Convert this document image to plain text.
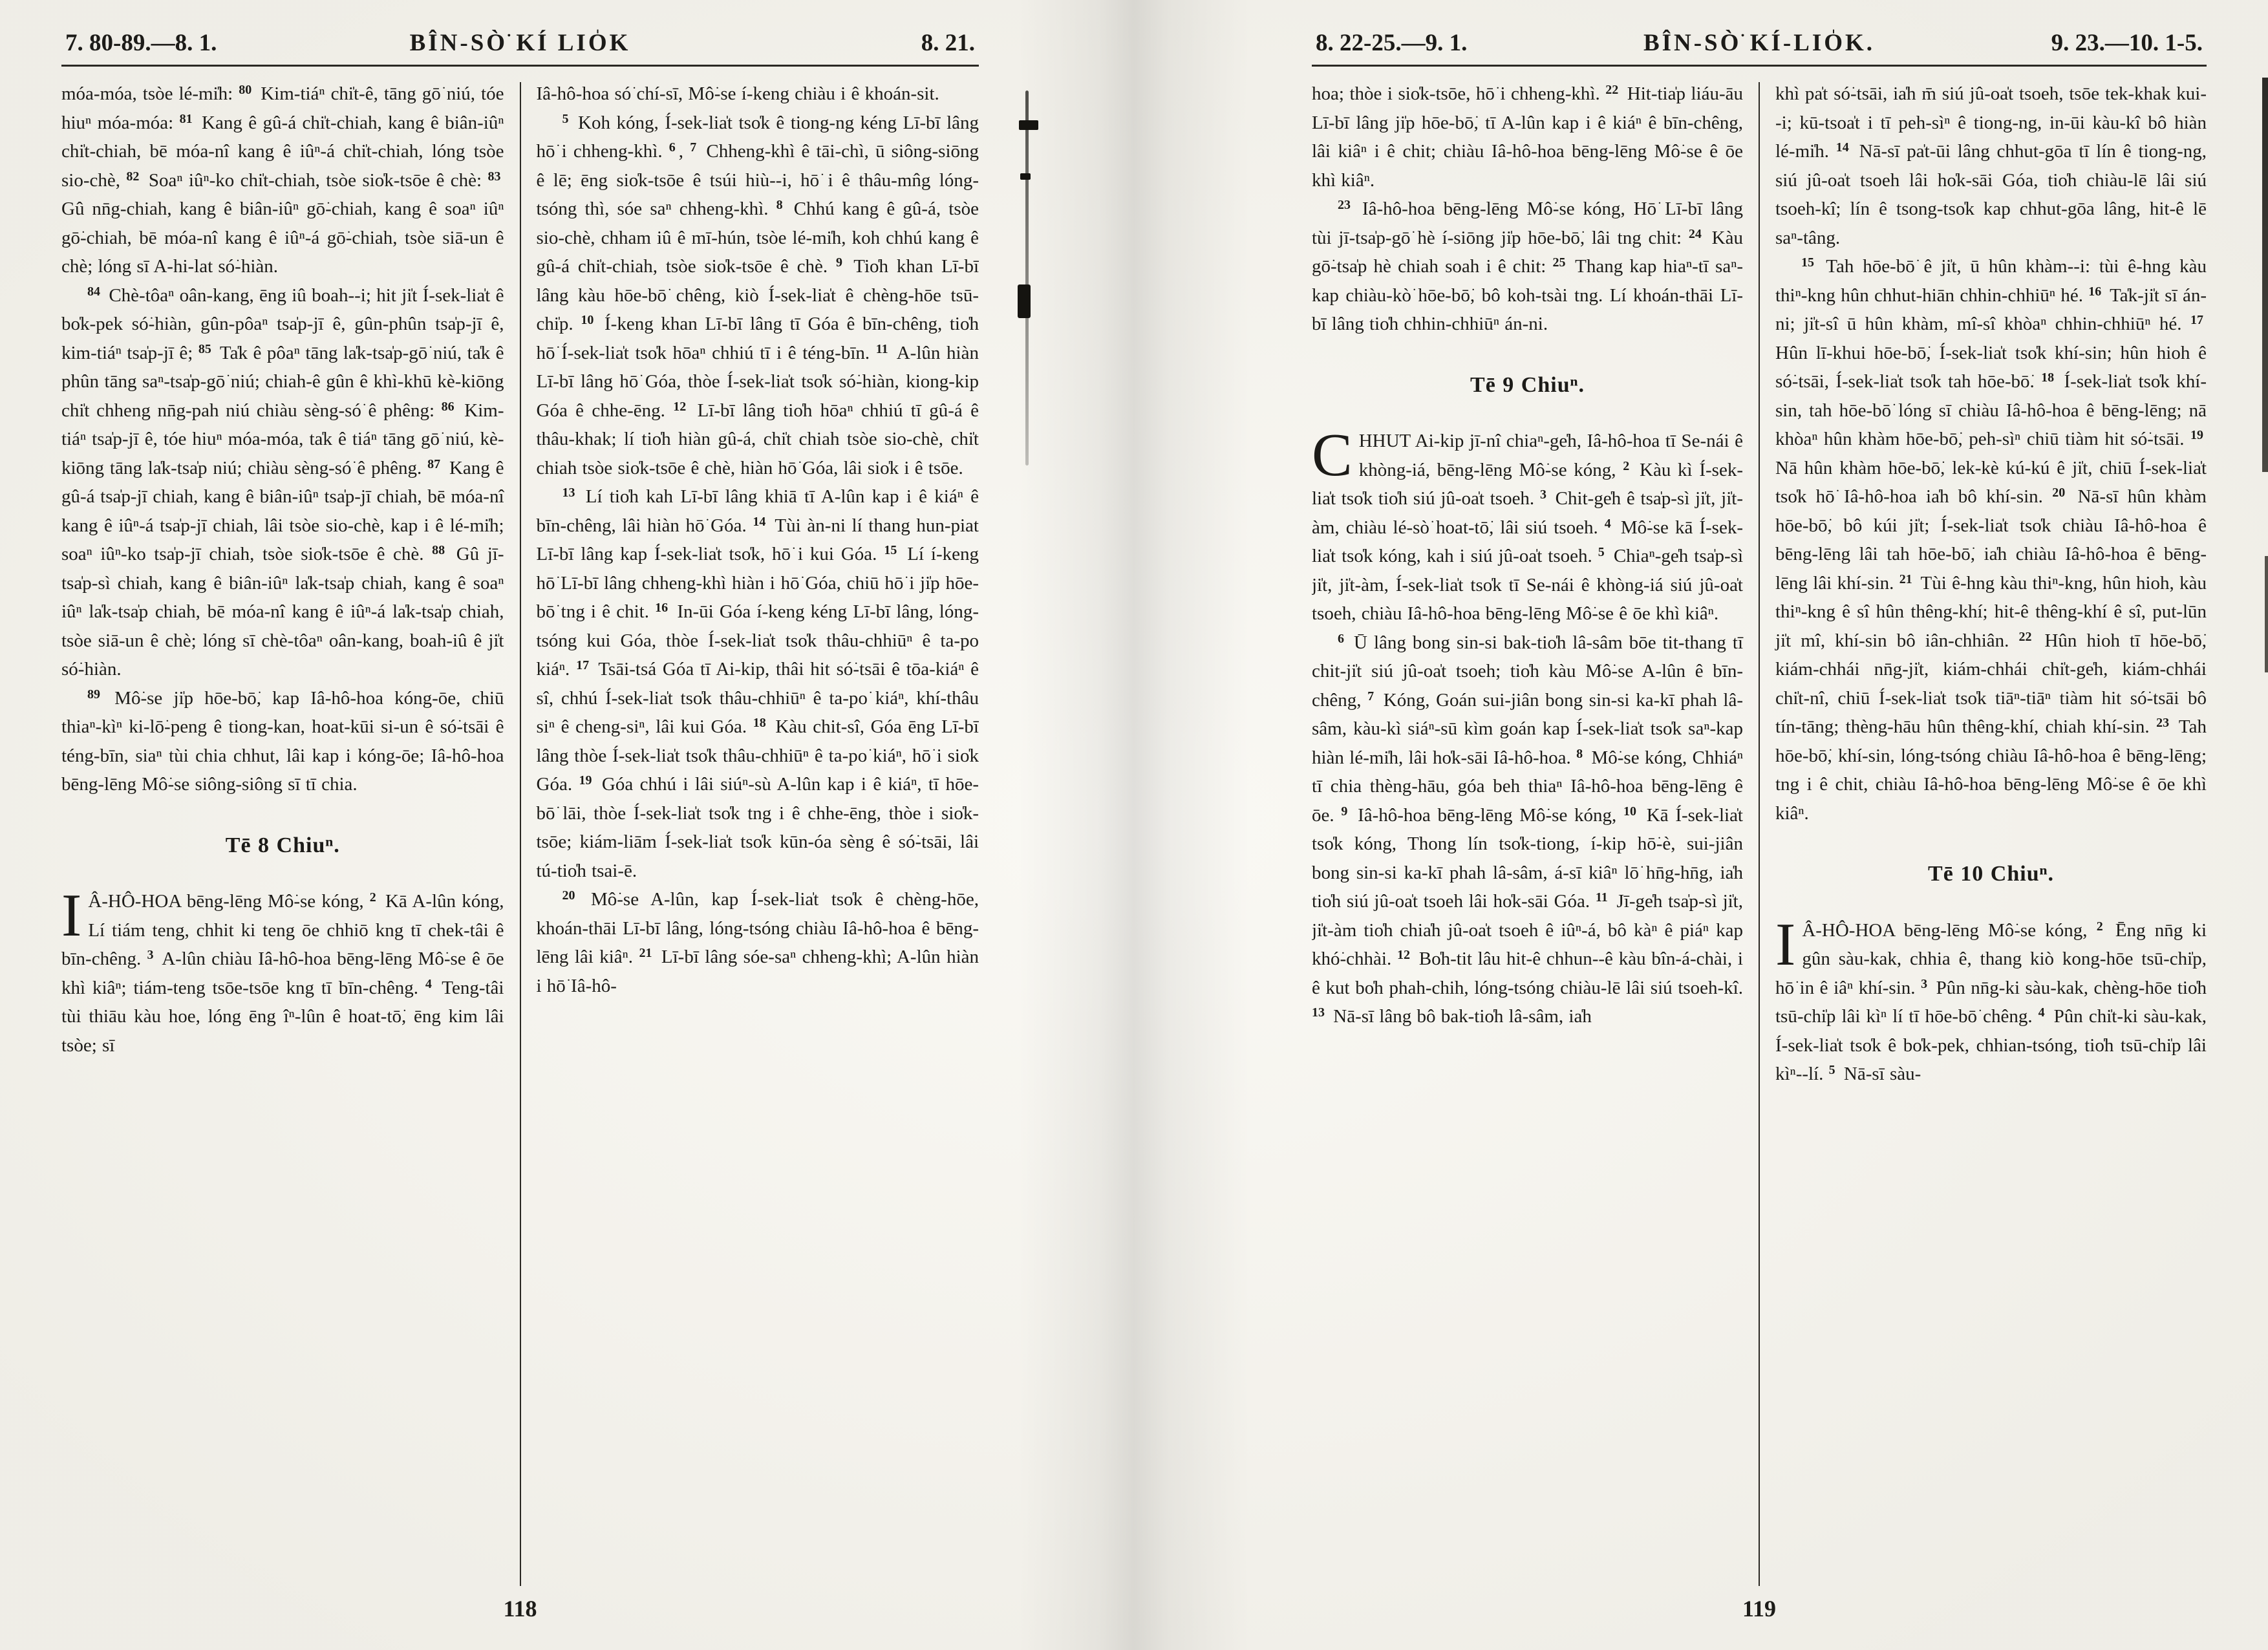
7. 80-89.—8. 1.	BÎN-SÒ͘ KÍ LIO̍K	8. 21.

móa-móa, tsòe lé-mi̍h: $^{80}$ Kim-tiáⁿ chi̍t-ê, tāng gō͘ niú, tóe hiuⁿ móa-móa: $^{81}$ Kang ê gû-á chi̍t-chiah, kang ê biân-iûⁿ chi̍t-chiah, bē móa-nî kang ê iûⁿ-á chi̍t-chiah, lóng tsòe sio-chè, $^{82}$ Soaⁿ iûⁿ-ko chi̍t-chiah, tsòe sio̍k-tsōe ê chè: $^{83}$ Gû nn̄g-chiah, kang ê biân-iûⁿ gō͘-chiah, kang ê soaⁿ iûⁿ gō͘-chiah, bē móa-nî kang ê iûⁿ-á gō͘-chiah, tsòe siā-un ê chè; lóng sī A-hi-lat só͘-hiàn.

$^{84}$ Chè-tôaⁿ oân-kang, ēng iû boah--i; hit ji̍t Í-sek-lia̍t ê bo̍k-pek só͘-hiàn, gûn-pôaⁿ tsa̍p-jī ê, gûn-phûn tsa̍p-jī ê, kim-tiáⁿ tsa̍p-jī ê; $^{85}$ Ta̍k ê pôaⁿ tāng la̍k-tsa̍p-gō͘ niú, ta̍k ê phûn tāng saⁿ-tsa̍p-gō͘ niú; chiah-ê gûn ê khì-khū kè-kiōng chi̍t chheng nn̄g-pah niú chiàu sèng-só͘ ê phêng: $^{86}$ Kim-tiáⁿ tsa̍p-jī ê, tóe hiuⁿ móa-móa, ta̍k ê tiáⁿ tāng gō͘ niú, kè-kiōng tāng la̍k-tsa̍p niú; chiàu sèng-só͘ ê phêng. $^{87}$ Kang ê gû-á tsa̍p-jī chiah, kang ê biân-iûⁿ tsa̍p-jī chiah, bē móa-nî kang ê iûⁿ-á tsa̍p-jī chiah, lâi tsòe sio-chè, kap i ê lé-mi̍h; soaⁿ iûⁿ-ko tsa̍p-jī chiah, tsòe sio̍k-tsōe ê chè. $^{88}$ Gû jī-tsa̍p-sì chiah, kang ê biân-iûⁿ la̍k-tsa̍p chiah, kang ê soaⁿ iûⁿ la̍k-tsa̍p chiah, bē móa-nî kang ê iûⁿ-á la̍k-tsa̍p chiah, tsòe siā-un ê chè; lóng sī chè-tôaⁿ oân-kang, boah-iû ê ji̍t só͘-hiàn.

$^{89}$ Mô͘-se ji̍p hōe-bō͘, kap Iâ-hô-hoa kóng-ōe, chiū thiaⁿ-kìⁿ ki-lō͘-peng ê tiong-kan, hoat-kūi si-un ê só͘-tsāi ê téng-bīn, siaⁿ tùi chia chhut, lâi kap i kóng-ōe; Iâ-hô-hoa bēng-lēng Mô͘-se siông-siông sī tī chia.

Tē 8 Chiuⁿ.

I Â-HÔ-HOA bēng-lēng Mô͘-se kóng, $^2$ Kā A-lûn kóng, Lí tiám teng, chhit ki teng ōe chhiō kng tī chek-tâi ê bīn-chêng. $^3$ A-lûn chiàu Iâ-hô-hoa bēng-lēng Mô͘-se ê ōe khì kiâⁿ; tiám-teng tsōe-tsōe kng tī bīn-chêng. $^4$ Teng-tâi tùi thiāu kàu hoe, lóng ēng îⁿ-lûn ê hoat-tō͘, ēng kim lâi tsòe; sī

Iâ-hô-hoa só͘ chí-sī, Mô͘-se í-keng chiàu i ê khoán-sit.

$^5$ Koh kóng, Í-sek-lia̍t tso̍k ê tiong-ng kéng Lī-bī lâng hō͘ i chheng-khì. $^6$ , $^7$ Chheng-khì ê tāi-chì, ū siông-siōng ê lē; ēng sio̍k-tsōe ê tsúi hiù--i, hō͘ i ê thâu-mn̂g lóng-tsóng thì, sóe saⁿ chheng-khì. $^8$ Chhú kang ê gû-á, tsòe sio-chè, chham iû ê mī-hún, tsòe lé-mi̍h, koh chhú kang ê gû-á chi̍t-chiah, tsòe sio̍k-tsōe ê chè. $^9$ Tio̍h khan Lī-bī lâng kàu hōe-bō͘ chêng, kiò Í-sek-lia̍t ê chèng-hōe tsū-chi̍p. $^{10}$ Í-keng khan Lī-bī lâng tī Góa ê bīn-chêng, tio̍h hō͘ Í-sek-lia̍t tso̍k hōaⁿ chhiú tī i ê téng-bīn. $^{11}$ A-lûn hiàn Lī-bī lâng hō͘ Góa, thòe Í-sek-lia̍t tso̍k só͘-hiàn, kiong-kip Góa ê chhe-ēng. $^{12}$ Lī-bī lâng tio̍h hōaⁿ chhiú tī gû-á ê thâu-khak; lí tio̍h hiàn gû-á, chi̍t chiah tsòe sio-chè, chi̍t chiah tsòe sio̍k-tsōe ê chè, hiàn hō͘ Góa, lâi sio̍k i ê tsōe.

$^{13}$ Lí tio̍h kah Lī-bī lâng khiā tī A-lûn kap i ê kiáⁿ ê bīn-chêng, lâi hiàn hō͘ Góa. $^{14}$ Tùi àn-ni lí thang hun-piat Lī-bī lâng kap Í-sek-lia̍t tso̍k, hō͘ i kui Góa. $^{15}$ Lí í-keng hō͘ Lī-bī lâng chheng-khì hiàn i hō͘ Góa, chiū hō͘ i ji̍p hōe-bō͘ tng i ê chit. $^{16}$ In-ūi Góa í-keng kéng Lī-bī lâng, lóng-tsóng kui Góa, thòe Í-sek-lia̍t tso̍k thâu-chhiūⁿ ê ta-po͘ kiáⁿ. $^{17}$ Tsāi-tsá Góa tī Ai-kip, thâi hit só͘-tsāi ê tōa-kiáⁿ ê sî, chhú Í-sek-lia̍t tso̍k thâu-chhiūⁿ ê ta-po͘ kiáⁿ, khí-thâu siⁿ ê cheng-siⁿ, lâi kui Góa. $^{18}$ Kàu chit-sî, Góa ēng Lī-bī lâng thòe Í-sek-lia̍t tso̍k thâu-chhiūⁿ ê ta-po͘ kiáⁿ, hō͘ i sio̍k Góa. $^{19}$ Góa chhú i lâi siúⁿ-sù A-lûn kap i ê kiáⁿ, tī hōe-bō͘ lāi, thòe Í-sek-lia̍t tso̍k tng i ê chhe-ēng, thòe i sio̍k-tsōe; kiám-liām Í-sek-lia̍t tso̍k kūn-óa sèng ê só͘-tsāi, lâi tú-tio̍h tsai-ē.

$^{20}$ Mô͘-se A-lûn, kap Í-sek-lia̍t tso̍k ê chèng-hōe, khoán-thāi Lī-bī lâng, lóng-tsóng chiàu Iâ-hô-hoa ê bēng-lēng lâi kiâⁿ. $^{21}$ Lī-bī lâng sóe-saⁿ chheng-khì; A-lûn hiàn i hō͘ Iâ-hô-

118
8. 22-25.—9. 1.	BÎN-SÒ͘ KÍ-LIO̍K.	9. 23.—10. 1-5.

hoa; thòe i sio̍k-tsōe, hō͘ i chheng-khì. $^{22}$ Hit-tia̍p liáu-āu Lī-bī lâng ji̍p hōe-bō͘, tī A-lûn kap i ê kiáⁿ ê bīn-chêng, lâi kiâⁿ i ê chit; chiàu Iâ-hô-hoa bēng-lēng Mô͘-se ê ōe khì kiâⁿ.

$^{23}$ Iâ-hô-hoa bēng-lēng Mô͘-se kóng, Hō͘ Lī-bī lâng tùi jī-tsa̍p-gō͘ hè í-siōng ji̍p hōe-bō͘, lâi tng chit: $^{24}$ Kàu gō͘-tsa̍p hè chiah soah i ê chit: $^{25}$ Thang kap hiaⁿ-tī saⁿ-kap chiàu-kò͘ hōe-bō͘, bô koh-tsài tng. Lí khoán-thāi Lī-bī lâng tio̍h chhin-chhiūⁿ án-ni.

Tē 9 Chiuⁿ.

CHHUT Ai-kip jī-nî chiaⁿ-ge̍h, Iâ-hô-hoa tī Se-nái ê khòng-iá, bēng-lēng Mô͘-se kóng, $^2$ Kàu kì Í-sek-lia̍t tso̍k tio̍h siú jû-oa̍t tsoeh. $^3$ Chit-ge̍h ê tsa̍p-sì ji̍t, ji̍t-àm, chiàu lé-sò͘ hoat-tō͘, lâi siú tsoeh. $^4$ Mô͘-se kā Í-sek-lia̍t tso̍k kóng, kah i siú jû-oa̍t tsoeh. $^5$ Chiaⁿ-ge̍h tsa̍p-sì ji̍t, ji̍t-àm, Í-sek-lia̍t tso̍k tī Se-nái ê khòng-iá siú jû-oa̍t tsoeh, chiàu Iâ-hô-hoa bēng-lēng Mô͘-se ê ōe khì kiâⁿ.

$^6$ Ū lâng bong sin-si bak-tio̍h lâ-sâm bōe tit-thang tī chit-ji̍t siú jû-oa̍t tsoeh; tio̍h kàu Mô͘-se A-lûn ê bīn-chêng, $^7$ Kóng, Goán sui-jiân bong sin-si ka-kī phah lâ-sâm, kàu-kì siáⁿ-sū kìm goán kap Í-sek-lia̍t tso̍k saⁿ-kap hiàn lé-mi̍h, lâi ho̍k-sāi Iâ-hô-hoa. $^8$ Mô͘-se kóng, Chhiáⁿ tī chia thèng-hāu, góa beh thiaⁿ Iâ-hô-hoa bēng-lēng ê ōe. $^9$ Iâ-hô-hoa bēng-lēng Mô͘-se kóng, $^{10}$ Kā Í-sek-lia̍t tso̍k kóng, Thong lín tso̍k-tiong, í-kip hō͘-è, sui-jiân bong sin-si ka-kī phah lâ-sâm, á-sī kiâⁿ lō͘ hn̄g-hn̄g, ia̍h tio̍h siú jû-oa̍t tsoeh lâi ho̍k-sāi Góa. $^{11}$ Jī-ge̍h tsa̍p-sì ji̍t, ji̍t-àm tio̍h chia̍h jû-oa̍t tsoeh ê iûⁿ-á, bô kàⁿ ê piáⁿ kap khó͘-chhài. $^{12}$ Bo̍h-tit lâu hit-ê chhun--ê kàu bîn-á-chài, i ê kut bo̍h phah-chih, lóng-tsóng chiàu-lē lâi siú tsoeh-kî. $^{13}$ Nā-sī lâng bô bak-tio̍h lâ-sâm, ia̍h

khì pa̍t só͘-tsāi, ia̍h m̄ siú jû-oa̍t tsoeh, tsōe tek-khak kui--i; kū-tsoa̍t i tī peh-sìⁿ ê tiong-ng, in-ūi kàu-kî bô hiàn lé-mi̍h. $^{14}$ Nā-sī pa̍t-ūi lâng chhut-gōa tī lín ê tiong-ng, siú jû-oa̍t tsoeh lâi ho̍k-sāi Góa, tio̍h chiàu-lē lâi siú tsoeh-kî; lín ê tsong-tso̍k kap chhut-gōa lâng, hit-ê lē saⁿ-tâng.

$^{15}$ Tah hōe-bō͘ ê ji̍t, ū hûn khàm--i: tùi ê-hng kàu thiⁿ-kng hûn chhut-hiān chhin-chhiūⁿ hé. $^{16}$ Ta̍k-ji̍t sī án-ni; ji̍t-sî ū hûn khàm, mî-sî khòaⁿ chhin-chhiūⁿ hé. $^{17}$ Hûn lī-khui hōe-bō͘, Í-sek-lia̍t tso̍k khí-sin; hûn hioh ê só͘-tsāi, Í-sek-lia̍t tso̍k tah hōe-bō͘. $^{18}$ Í-sek-lia̍t tso̍k khí-sin, tah hōe-bō͘ lóng sī chiàu Iâ-hô-hoa ê bēng-lēng; nā khòaⁿ hûn khàm hōe-bō͘, peh-sìⁿ chiū tiàm hit só͘-tsāi. $^{19}$ Nā hûn khàm hōe-bō͘, lek-kè kú-kú ê ji̍t, chiū Í-sek-lia̍t tso̍k hō͘ Iâ-hô-hoa ia̍h bô khí-sin. $^{20}$ Nā-sī hûn khàm hōe-bō͘, bô kúi ji̍t; Í-sek-lia̍t tso̍k chiàu Iâ-hô-hoa ê bēng-lēng lâi tah hōe-bō͘, ia̍h chiàu Iâ-hô-hoa ê bēng-lēng lâi khí-sin. $^{21}$ Tùi ê-hng kàu thiⁿ-kng, hûn hioh, kàu thiⁿ-kng ê sî hûn thêng-khí; hit-ê thêng-khí ê sî, put-lūn ji̍t mî, khí-sin bô iân-chhiân. $^{22}$ Hûn hioh tī hōe-bō͘, kiám-chhái nn̄g-ji̍t, kiám-chhái chi̍t-ge̍h, kiám-chhái chi̍t-nî, chiū Í-sek-lia̍t tso̍k tiāⁿ-tiāⁿ tiàm hit só͘-tsāi bô tín-tāng; thèng-hāu hûn thêng-khí, chiah khí-sin. $^{23}$ Tah hōe-bō͘, khí-sin, lóng-tsóng chiàu Iâ-hô-hoa ê bēng-lēng; tng i ê chit, chiàu Iâ-hô-hoa bēng-lēng Mô͘-se ê ōe khì kiâⁿ.

Tē 10 Chiuⁿ.

I Â-HÔ-HOA bēng-lēng Mô͘-se kóng, $^2$ Ēng nn̄g ki gûn sàu-kak, chhia ê, thang kiò kong-hōe tsū-chi̍p, hō͘ in ê iâⁿ khí-sin. $^3$ Pûn nn̄g-ki sàu-kak, chèng-hōe tio̍h tsū-chi̍p lâi kìⁿ lí tī hōe-bō͘ chêng. $^4$ Pûn chi̍t-ki sàu-kak, Í-sek-lia̍t tso̍k ê bo̍k-pek, chhian-tsóng, tio̍h tsū-chi̍p lâi kìⁿ--lí. $^5$ Nā-sī sàu-

119
